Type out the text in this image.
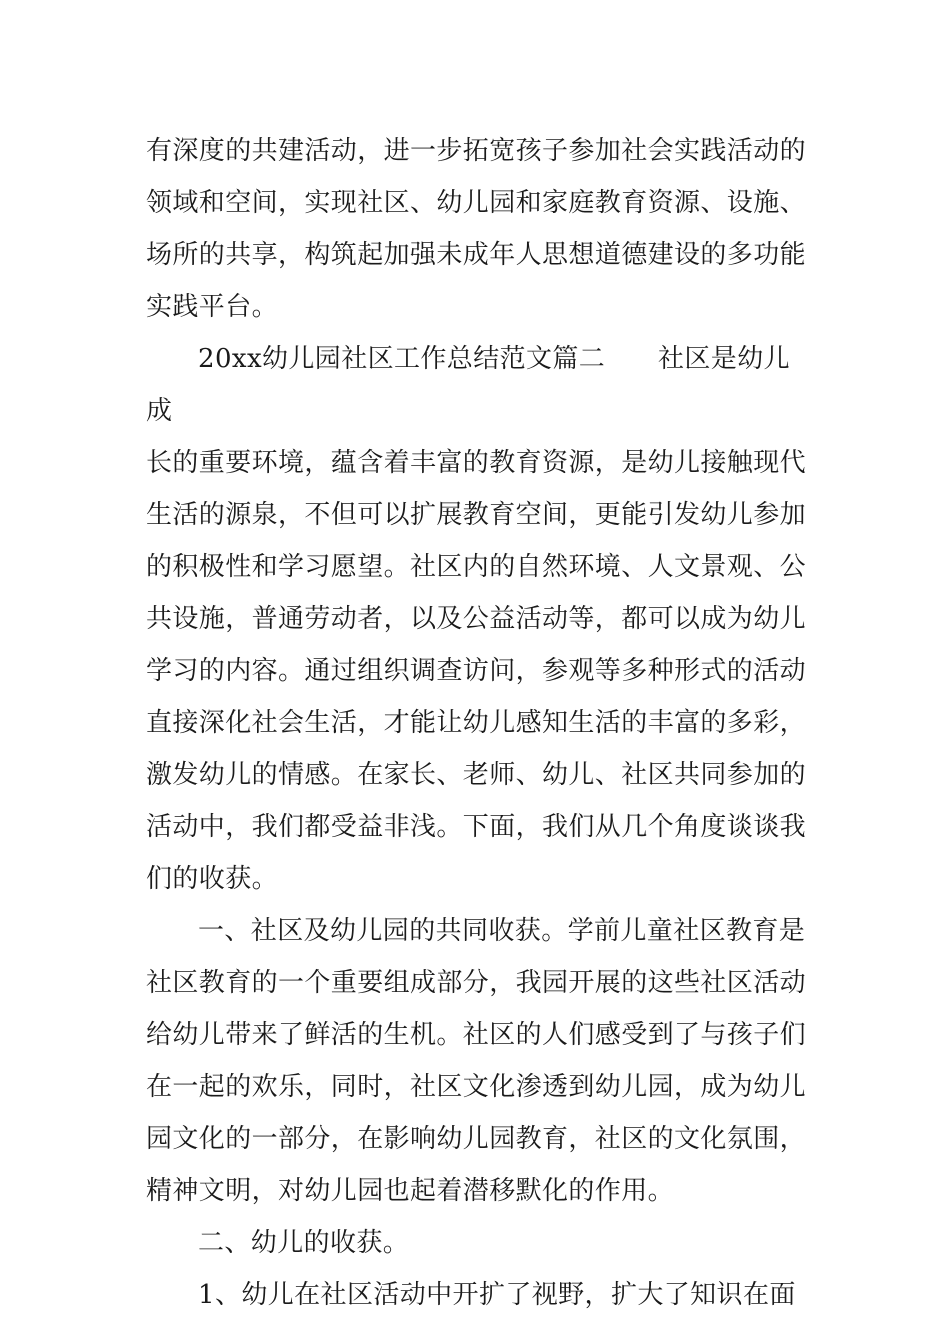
有深度的共建活动，进一步拓宽孩子参加社会实践活动的
领域和空间，实现社区、幼儿园和家庭教育资源、设施、
场所的共享，构筑起加强未成年人思想道德建设的多功能
实践平台。

20xx幼儿园社区工作总结范文篇二　　社区是幼儿成
长的重要环境，蕴含着丰富的教育资源，是幼儿接触现代
生活的源泉，不但可以扩展教育空间，更能引发幼儿参加
的积极性和学习愿望。社区内的自然环境、人文景观、公
共设施，普通劳动者，以及公益活动等，都可以成为幼儿
学习的内容。通过组织调查访问，参观等多种形式的活动
直接深化社会生活，才能让幼儿感知生活的丰富的多彩，
激发幼儿的情感。在家长、老师、幼儿、社区共同参加的
活动中，我们都受益非浅。下面，我们从几个角度谈谈我
们的收获。

一、社区及幼儿园的共同收获。学前儿童社区教育是
社区教育的一个重要组成部分，我园开展的这些社区活动
给幼儿带来了鲜活的生机。社区的人们感受到了与孩子们
在一起的欢乐，同时，社区文化渗透到幼儿园，成为幼儿
园文化的一部分，在影响幼儿园教育，社区的文化氛围，
精神文明，对幼儿园也起着潜移默化的作用。

二、幼儿的收获。

1、幼儿在社区活动中开扩了视野，扩大了知识在面
